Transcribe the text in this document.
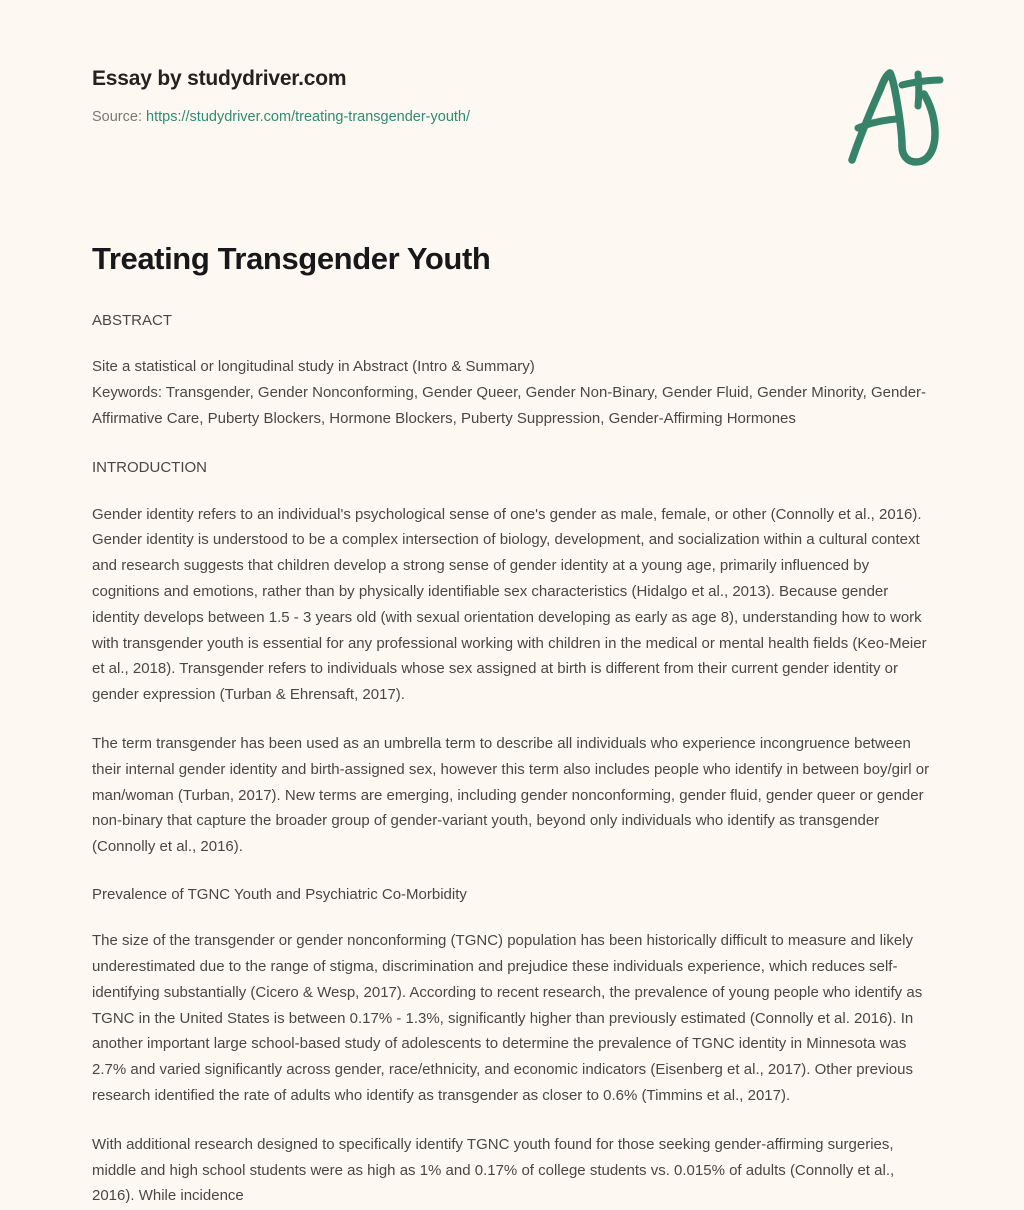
Essay by studydriver.com
Source: https://studydriver.com/treating-transgender-youth/
Treating Transgender Youth
ABSTRACT

Site a statistical or longitudinal study in Abstract (Intro & Summary)
Keywords: Transgender, Gender Nonconforming, Gender Queer, Gender Non-Binary, Gender Fluid, Gender Minority, Gender-Affirmative Care, Puberty Blockers, Hormone Blockers, Puberty Suppression, Gender-Affirming Hormones

INTRODUCTION

Gender identity refers to an individual's psychological sense of one's gender as male, female, or other (Connolly et al., 2016). Gender identity is understood to be a complex intersection of biology, development, and socialization within a cultural context and research suggests that children develop a strong sense of gender identity at a young age, primarily influenced by cognitions and emotions, rather than by physically identifiable sex characteristics (Hidalgo et al., 2013). Because gender identity develops between 1.5 - 3 years old (with sexual orientation developing as early as age 8), understanding how to work with transgender youth is essential for any professional working with children in the medical or mental health fields (Keo-Meier et al., 2018). Transgender refers to individuals whose sex assigned at birth is different from their current gender identity or gender expression (Turban & Ehrensaft, 2017).

The term transgender has been used as an umbrella term to describe all individuals who experience incongruence between their internal gender identity and birth-assigned sex, however this term also includes people who identify in between boy/girl or man/woman (Turban, 2017). New terms are emerging, including gender nonconforming, gender fluid, gender queer or gender non-binary that capture the broader group of gender-variant youth, beyond only individuals who identify as transgender (Connolly et al., 2016).

Prevalence of TGNC Youth and Psychiatric Co-Morbidity

The size of the transgender or gender nonconforming (TGNC) population has been historically difficult to measure and likely underestimated due to the range of stigma, discrimination and prejudice these individuals experience, which reduces self-identifying substantially (Cicero & Wesp, 2017). According to recent research, the prevalence of young people who identify as TGNC in the United States is between 0.17% - 1.3%, significantly higher than previously estimated (Connolly et al. 2016). In another important large school-based study of adolescents to determine the prevalence of TGNC identity in Minnesota was 2.7% and varied significantly across gender, race/ethnicity, and economic indicators (Eisenberg et al., 2017). Other previous research identified the rate of adults who identify as transgender as closer to 0.6% (Timmins et al., 2017).

With additional research designed to specifically identify TGNC youth found for those seeking gender-affirming surgeries, middle and high school students were as high as 1% and 0.17% of college students vs. 0.015% of adults (Connolly et al., 2016). While incidence
